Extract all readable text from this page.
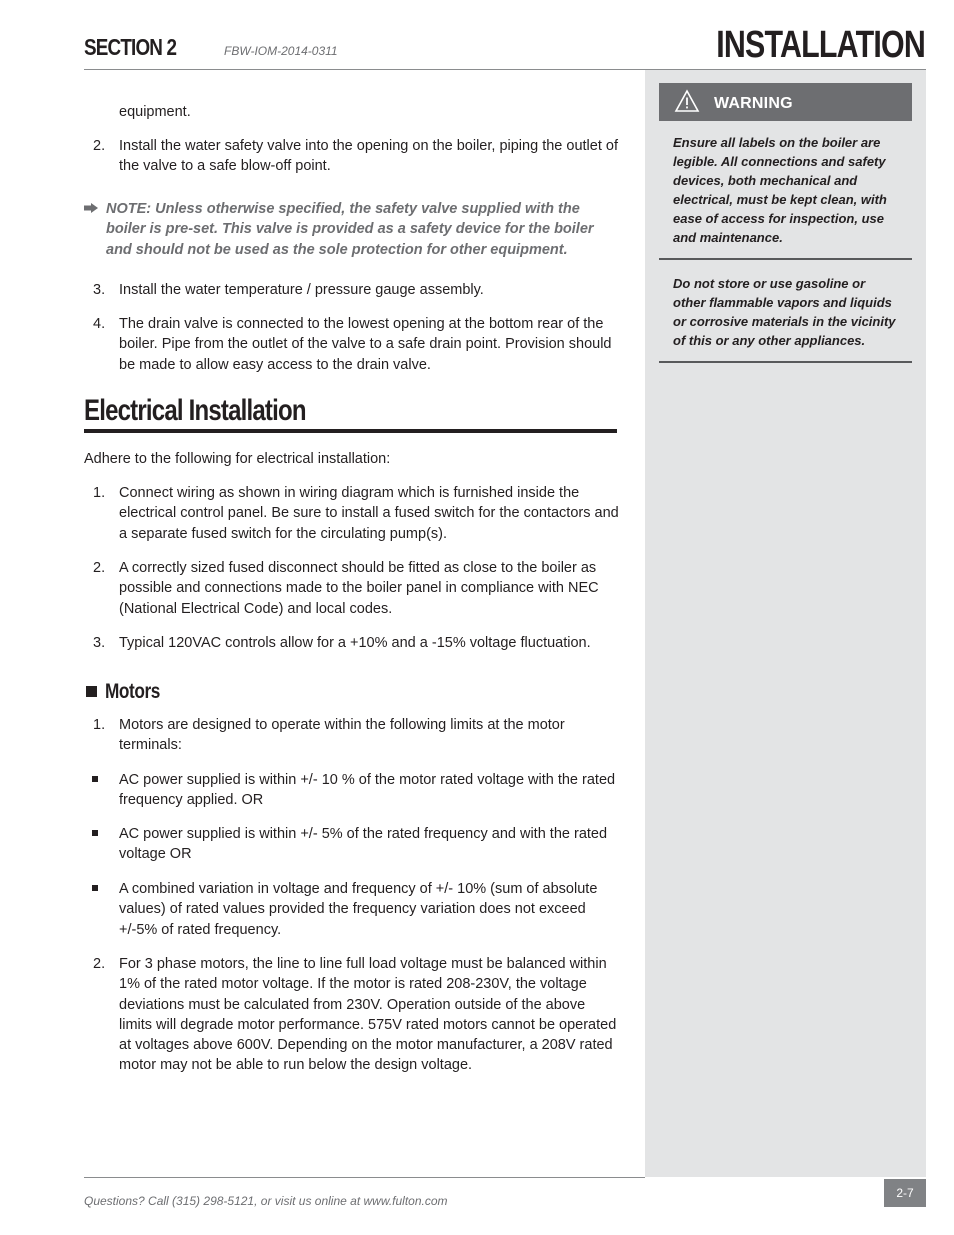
SECTION 2	FBW-IOM-2014-0311	INSTALLATION
WARNING
Ensure all labels on the boiler are legible. All connections and safety devices, both mechanical and electrical, must be kept clean, with ease of access for inspection, use and maintenance.
Do not store or use gasoline or other flammable vapors and liquids or corrosive materials in the vicinity of this or any other appliances.
equipment.
2. Install the water safety valve into the opening on the boiler, piping the outlet of the valve to a safe blow-off point.
NOTE: Unless otherwise specified, the safety valve supplied with the boiler is pre-set. This valve is provided as a safety device for the boiler and should not be used as the sole protection for other equipment.
3. Install the water temperature / pressure gauge assembly.
4. The drain valve is connected to the lowest opening at the bottom rear of the boiler. Pipe from the outlet of the valve to a safe drain point. Provision should be made to allow easy access to the drain valve.
Electrical Installation
Adhere to the following for electrical installation:
1. Connect wiring as shown in wiring diagram which is furnished inside the electrical control panel. Be sure to install a fused switch for the contactors and a separate fused switch for the circulating pump(s).
2. A correctly sized fused disconnect should be fitted as close to the boiler as possible and connections made to the boiler panel in compliance with NEC (National Electrical Code) and local codes.
3. Typical 120VAC controls allow for a +10% and a -15% voltage fluctuation.
Motors
1. Motors are designed to operate within the following limits at the motor terminals:
AC power supplied is within +/- 10 % of the motor rated voltage with the rated frequency applied. OR
AC power supplied is within +/- 5% of the rated frequency and with the rated voltage OR
A combined variation in voltage and frequency of +/- 10% (sum of absolute values) of rated values provided the frequency variation does not exceed +/-5% of rated frequency.
2. For 3 phase motors, the line to line full load voltage must be balanced within 1% of the rated motor voltage. If the motor is rated 208-230V, the voltage deviations must be calculated from 230V. Operation outside of the above limits will degrade motor performance. 575V rated motors cannot be operated at voltages above 600V. Depending on the motor manufacturer, a 208V rated motor may not be able to run below the design voltage.
Questions? Call (315) 298-5121, or visit us online at www.fulton.com
2-7
